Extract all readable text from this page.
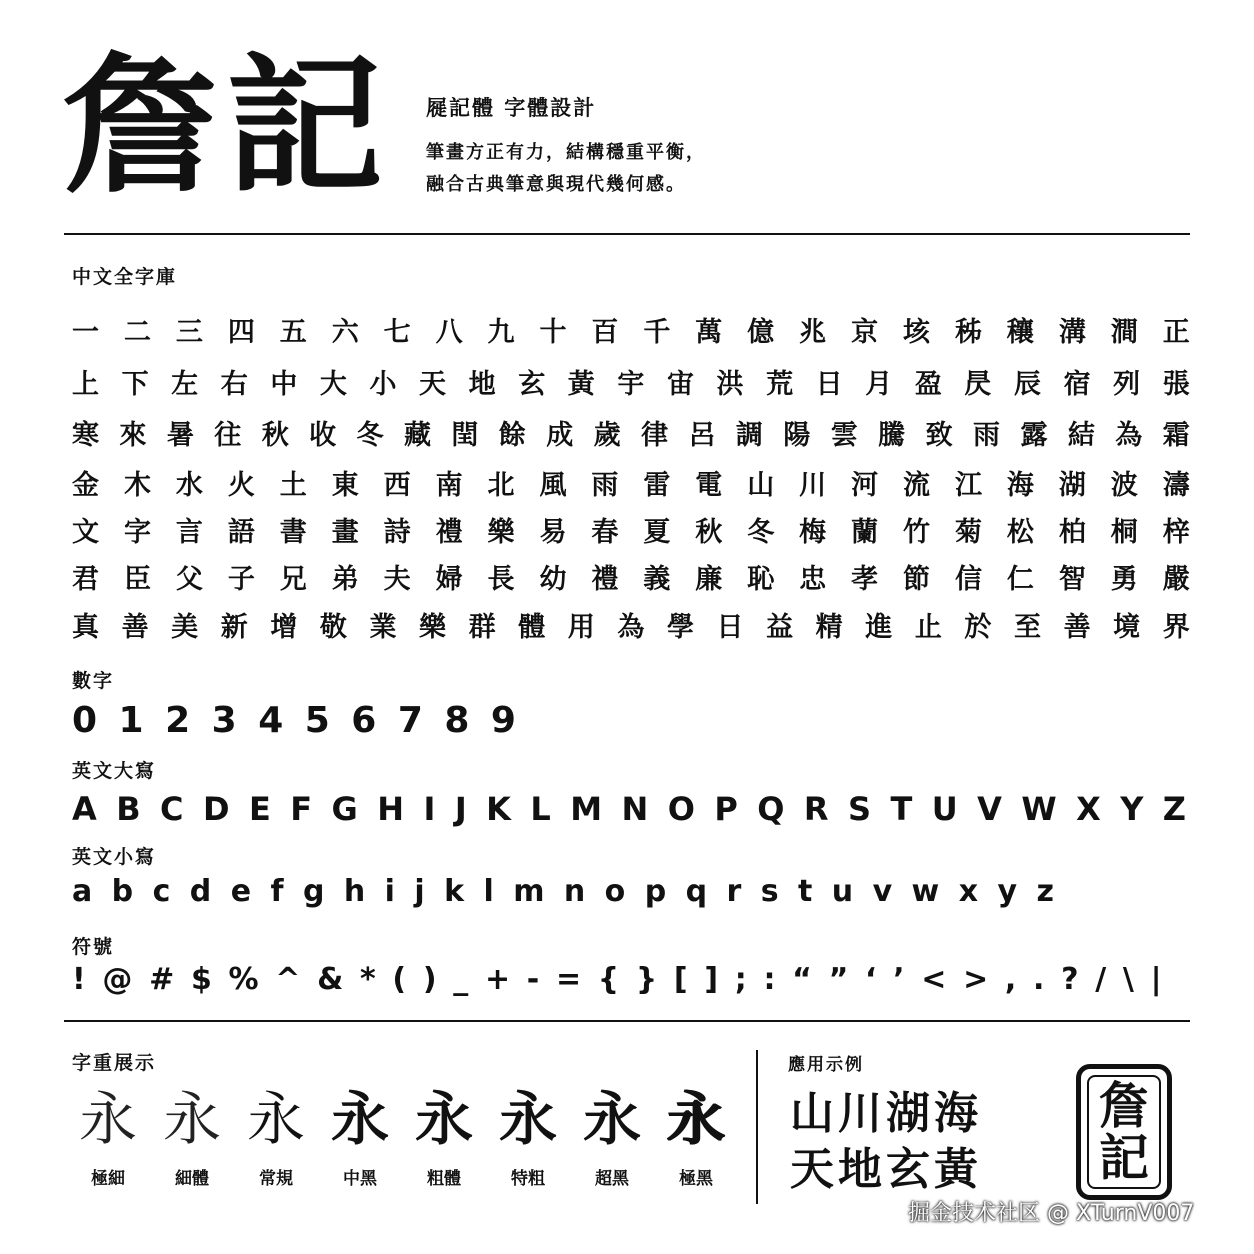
詹記 屣記體 字體設計
筆畫方正有力，結構穩重平衡，
融合古典筆意與現代幾何感。
中文全字庫
一 二 三 四 五 六 七 八 九 十 百 千 萬 億 兆 京 垓 秭 穰 溝 澗 正
上 下 左 右 中 大 小 天 地 玄 黃 宇 宙 洪 荒 日 月 盈 昃 辰 宿 列 張
寒 來 暑 往 秋 收 冬 藏 閏 餘 成 歲 律 呂 調 陽 雲 騰 致 雨 露 結 為 霜
金 木 水 火 土 東 西 南 北 風 雨 雷 電 山 川 河 流 江 海 湖 波 濤
文 字 言 語 書 畫 詩 禮 樂 易 春 夏 秋 冬 梅 蘭 竹 菊 松 柏 桐 梓
君 臣 父 子 兄 弟 夫 婦 長 幼 禮 義 廉 恥 忠 孝 節 信 仁 智 勇 嚴
真 善 美 新 增 敬 業 樂 群 體 用 為 學 日 益 精 進 止 於 至 善 境 界
數字
0 1 2 3 4 5 6 7 8 9
英文大寫
A B C D E F G H I J K L M N O P Q R S T U V W X Y Z
英文小寫
a b c d e f g h i j k l m n o p q r s t u v w x y z
符號
! @ # $ % ^ & * ( ) _ + - = { } [ ] ; : “ ” ‘ ’ < > , . ? / \ |
字重展示
永
極細
永
細體
永
常規
永
中黑
永
粗體
永
特粗
永
超黑
永
極黑
應用示例
山川湖海
天地玄黃
詹
記
掘金技术社区 @ XTurnV007
